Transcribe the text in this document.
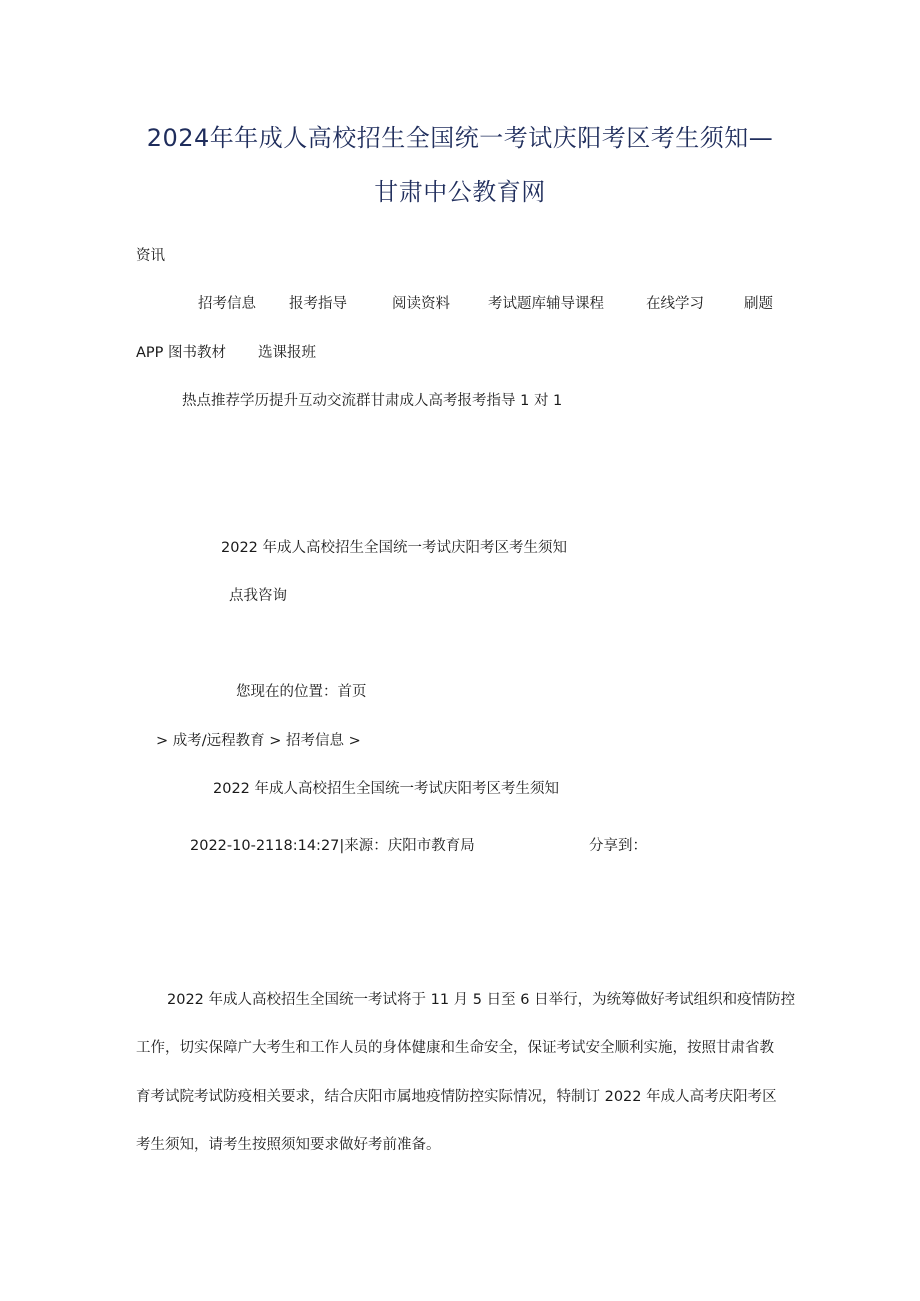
2024年年成人高校招生全国统一考试庆阳考区考生须知—
甘肃中公教育网
资讯
招考信息 报考指导	阅读资料	考试题库辅导课程	在线学习	刷题
APP 图书教材 选课报班
热点推荐学历提升互动交流群甘肃成人高考报考指导 1 对 1
2022 年成人高校招生全国统一考试庆阳考区考生须知
点我咨询
您现在的位置：首页
> 成考/远程教育 > 招考信息 >
2022 年成人高校招生全国统一考试庆阳考区考生须知
2022-10-2118:14:27|来源：庆阳市教育局	分享到：
2022 年成人高校招生全国统一考试将于 11 月 5 日至 6 日举行，为统筹做好考试组织和疫情防控
工作，切实保障广大考生和工作人员的身体健康和生命安全，保证考试安全顺利实施，按照甘肃省教
育考试院考试防疫相关要求，结合庆阳市属地疫情防控实际情况，特制订 2022 年成人高考庆阳考区
考生须知，请考生按照须知要求做好考前准备。
